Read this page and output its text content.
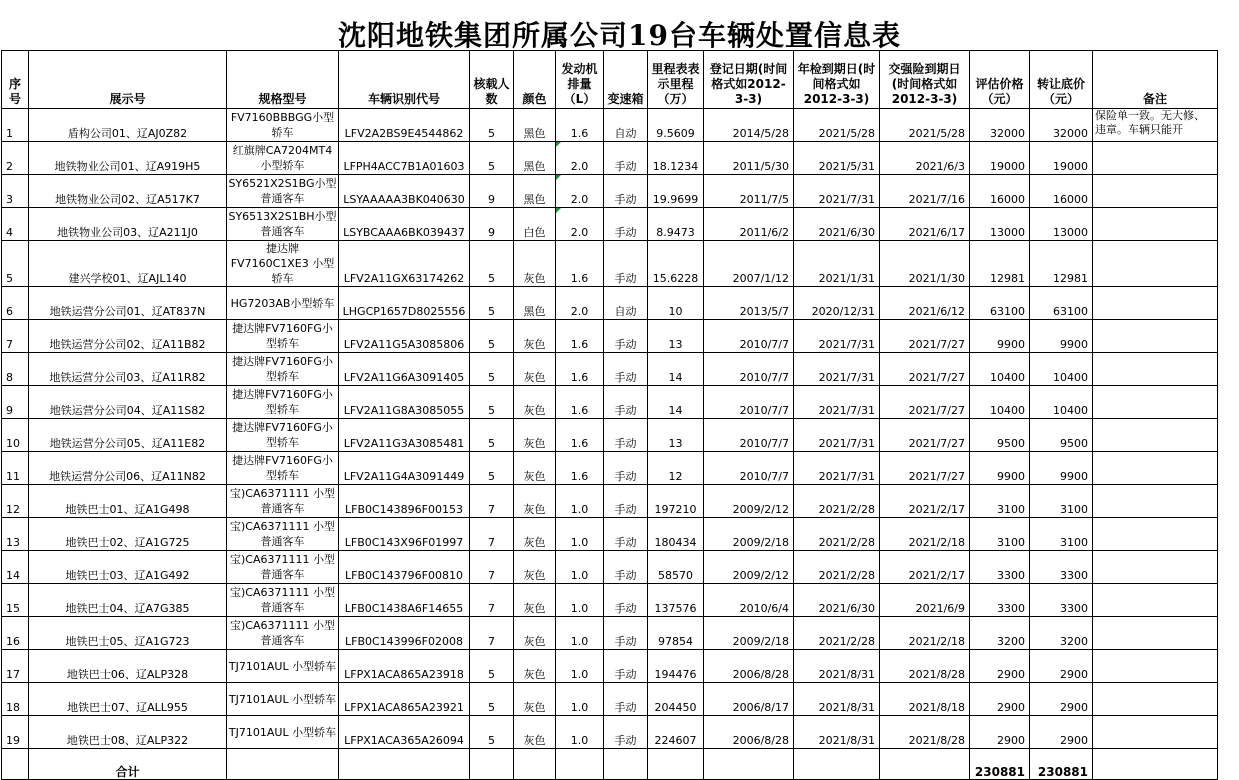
沈阳地铁集团所属公司19台车辆处置信息表
序号	展示号	规格型号	车辆识别代号	核载人数	颜色	发动机排量（L）	变速箱	里程表表示里程（万）	登记日期(时间格式如2012-3-3)	年检到期日(时间格式如2012-3-3)	交强险到期日(时间格式如2012-3-3)	评估价格（元）	转让底价（元）	备注
1	盾构公司01、辽AJ0Z82	FV7160BBBGG小型轿车	LFV2A2BS9E4544862	5	黑色	1.6	自动	9.5609	2014/5/28	2021/5/28	2021/5/28	32000	32000	保险单一致。无大修、违章。车辆只能开
2	地铁物业公司01、辽A919H5	红旗牌CA7204MT4小型轿车	LFPH4ACC7B1A01603	5	黑色	2.0	手动	18.1234	2011/5/30	2021/5/31	2021/6/3	19000	19000	
3	地铁物业公司02、辽A517K7	SY6521X2S1BG小型普通客车	LSYAAAAA3BK040630	9	黑色	2.0	手动	19.9699	2011/7/5	2021/7/31	2021/7/16	16000	16000	
4	地铁物业公司03、辽A211J0	SY6513X2S1BH小型普通客车	LSYBCAAA6BK039437	9	白色	2.0	手动	8.9473	2011/6/2	2021/6/30	2021/6/17	13000	13000	
5	建兴学校01、辽AJL140	捷达牌FV7160C1XE3 小型轿车	LFV2A11GX63174262	5	灰色	1.6	手动	15.6228	2007/1/12	2021/1/31	2021/1/30	12981	12981	
6	地铁运营分公司01、辽AT837N	HG7203AB小型轿车	LHGCP1657D8025556	5	黑色	2.0	自动	10	2013/5/7	2020/12/31	2021/6/12	63100	63100	
7	地铁运营分公司02、辽A11B82	捷达牌FV7160FG小型轿车	LFV2A11G5A3085806	5	灰色	1.6	手动	13	2010/7/7	2021/7/31	2021/7/27	9900	9900	
8	地铁运营分公司03、辽A11R82	捷达牌FV7160FG小型轿车	LFV2A11G6A3091405	5	灰色	1.6	手动	14	2010/7/7	2021/7/31	2021/7/27	10400	10400	
9	地铁运营分公司04、辽A11S82	捷达牌FV7160FG小型轿车	LFV2A11G8A3085055	5	灰色	1.6	手动	14	2010/7/7	2021/7/31	2021/7/27	10400	10400	
10	地铁运营分公司05、辽A11E82	捷达牌FV7160FG小型轿车	LFV2A11G3A3085481	5	灰色	1.6	手动	13	2010/7/7	2021/7/31	2021/7/27	9500	9500	
11	地铁运营分公司06、辽A11N82	捷达牌FV7160FG小型轿车	LFV2A11G4A3091449	5	灰色	1.6	手动	12	2010/7/7	2021/7/31	2021/7/27	9900	9900	
12	地铁巴士01、辽A1G498	宝)CA6371111 小型普通客车	LFB0C143896F00153	7	灰色	1.0	手动	197210	2009/2/12	2021/2/28	2021/2/17	3100	3100	
13	地铁巴士02、辽A1G725	宝)CA6371111 小型普通客车	LFB0C143X96F01997	7	灰色	1.0	手动	180434	2009/2/18	2021/2/28	2021/2/18	3100	3100	
14	地铁巴士03、辽A1G492	宝)CA6371111 小型普通客车	LFB0C143796F00810	7	灰色	1.0	手动	58570	2009/2/12	2021/2/28	2021/2/17	3300	3300	
15	地铁巴士04、辽A7G385	宝)CA6371111 小型普通客车	LFB0C1438A6F14655	7	灰色	1.0	手动	137576	2010/6/4	2021/6/30	2021/6/9	3300	3300	
16	地铁巴士05、辽A1G723	宝)CA6371111 小型普通客车	LFB0C143996F02008	7	灰色	1.0	手动	97854	2009/2/18	2021/2/28	2021/2/18	3200	3200	
17	地铁巴士06、辽ALP328	TJ7101AUL 小型轿车	LFPX1ACA865A23918	5	灰色	1.0	手动	194476	2006/8/28	2021/8/31	2021/8/28	2900	2900	
18	地铁巴士07、辽ALL955	TJ7101AUL 小型轿车	LFPX1ACA865A23921	5	灰色	1.0	手动	204450	2006/8/17	2021/8/31	2021/8/18	2900	2900	
19	地铁巴士08、辽ALP322	TJ7101AUL 小型轿车	LFPX1ACA365A26094	5	灰色	1.0	手动	224607	2006/8/28	2021/8/31	2021/8/28	2900	2900	
	合计											230881	230881	
